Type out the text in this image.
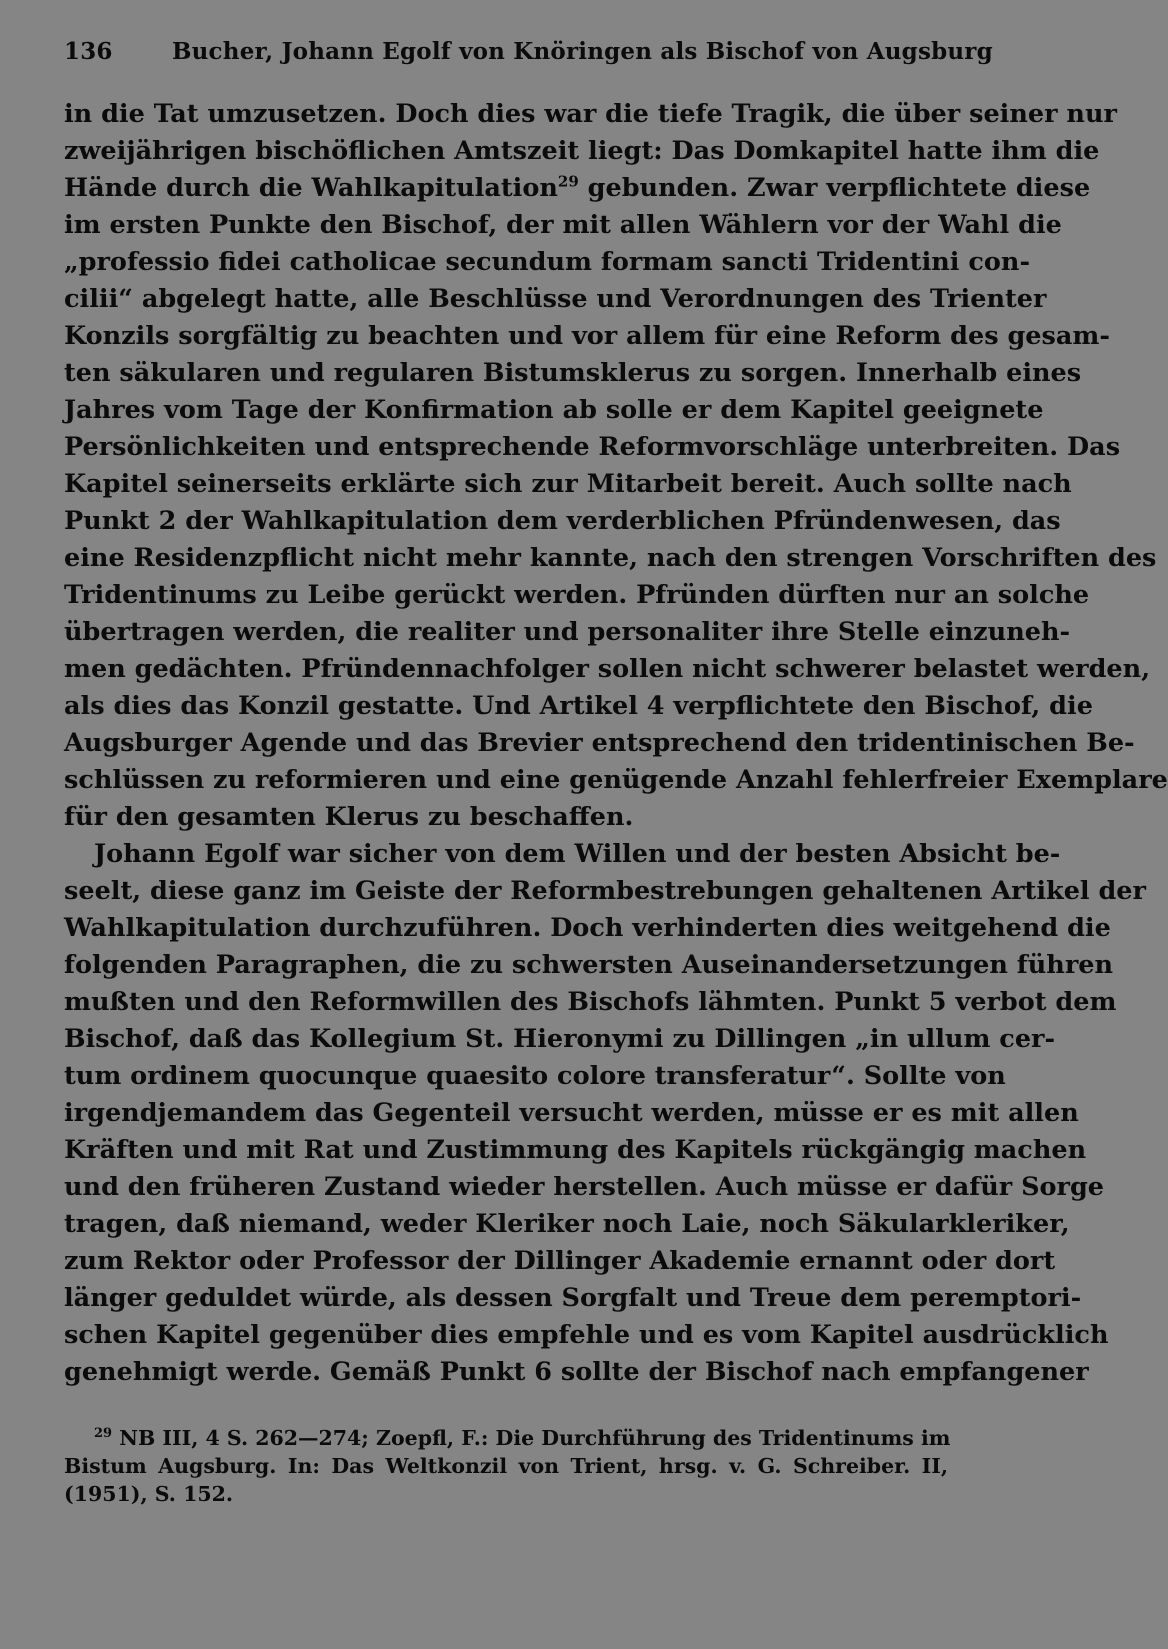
136	Bucher, Johann Egolf von Knöringen als Bischof von Augsburg
in die Tat umzusetzen. Doch dies war die tiefe Tragik, die über seiner nur
zweijährigen bischöflichen Amtszeit liegt: Das Domkapitel hatte ihm die
Hände durch die Wahlkapitulation$^{29}$ gebunden. Zwar verpflichtete diese
im ersten Punkte den Bischof, der mit allen Wählern vor der Wahl die
„professio fidei catholicae secundum formam sancti Tridentini con-
cilii“ abgelegt hatte, alle Beschlüsse und Verordnungen des Trienter
Konzils sorgfältig zu beachten und vor allem für eine Reform des gesam-
ten säkularen und regularen Bistumsklerus zu sorgen. Innerhalb eines
Jahres vom Tage der Konfirmation ab solle er dem Kapitel geeignete
Persönlichkeiten und entsprechende Reformvorschläge unterbreiten. Das
Kapitel seinerseits erklärte sich zur Mitarbeit bereit. Auch sollte nach
Punkt 2 der Wahlkapitulation dem verderblichen Pfründenwesen, das
eine Residenzpflicht nicht mehr kannte, nach den strengen Vorschriften des
Tridentinums zu Leibe gerückt werden. Pfründen dürften nur an solche
übertragen werden, die realiter und personaliter ihre Stelle einzuneh-
men gedächten. Pfründennachfolger sollen nicht schwerer belastet werden,
als dies das Konzil gestatte. Und Artikel 4 verpflichtete den Bischof, die
Augsburger Agende und das Brevier entsprechend den tridentinischen Be-
schlüssen zu reformieren und eine genügende Anzahl fehlerfreier Exemplare
für den gesamten Klerus zu beschaffen.
Johann Egolf war sicher von dem Willen und der besten Absicht be-
seelt, diese ganz im Geiste der Reformbestrebungen gehaltenen Artikel der
Wahlkapitulation durchzuführen. Doch verhinderten dies weitgehend die
folgenden Paragraphen, die zu schwersten Auseinandersetzungen führen
mußten und den Reformwillen des Bischofs lähmten. Punkt 5 verbot dem
Bischof, daß das Kollegium St. Hieronymi zu Dillingen „in ullum cer-
tum ordinem quocunque quaesito colore transferatur“. Sollte von
irgendjemandem das Gegenteil versucht werden, müsse er es mit allen
Kräften und mit Rat und Zustimmung des Kapitels rückgängig machen
und den früheren Zustand wieder herstellen. Auch müsse er dafür Sorge
tragen, daß niemand, weder Kleriker noch Laie, noch Säkularkleriker,
zum Rektor oder Professor der Dillinger Akademie ernannt oder dort
länger geduldet würde, als dessen Sorgfalt und Treue dem peremptori-
schen Kapitel gegenüber dies empfehle und es vom Kapitel ausdrücklich
genehmigt werde. Gemäß Punkt 6 sollte der Bischof nach empfangener
$^{29}$ NB III, 4 S. 262—274; Zoepfl, F.: Die Durchführung des Tridentinums im
Bistum Augsburg. In: Das Weltkonzil von Trient, hrsg. v. G. Schreiber. II,
(1951), S. 152.
